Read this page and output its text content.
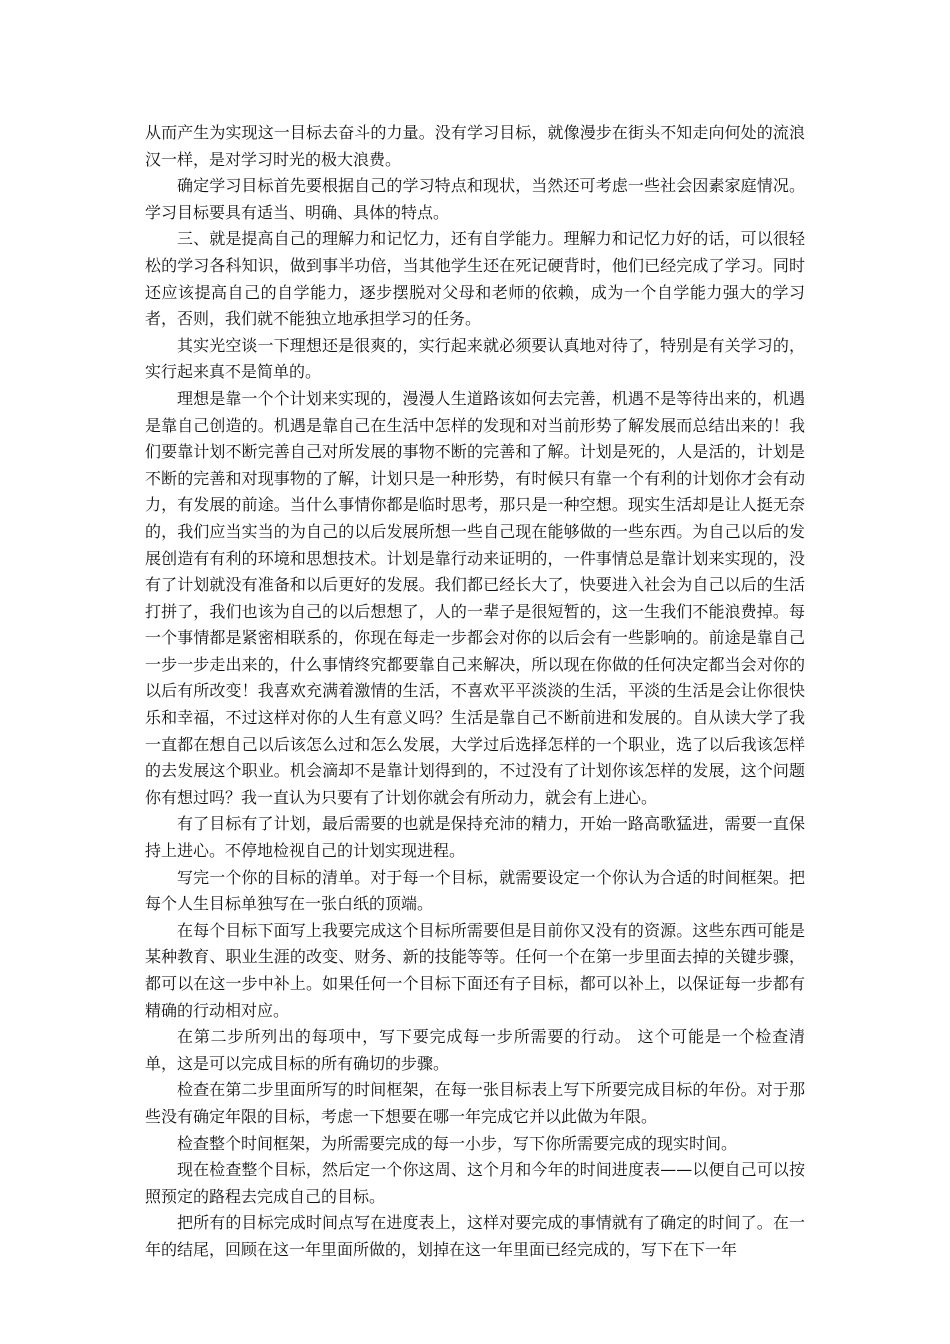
从而产生为实现这一目标去奋斗的力量。没有学习目标，就像漫步在街头不知走向何处的流浪汉一样，是对学习时光的极大浪费。

确定学习目标首先要根据自己的学习特点和现状，当然还可考虑一些社会因素家庭情况。学习目标要具有适当、明确、具体的特点。

三、就是提高自己的理解力和记忆力，还有自学能力。理解力和记忆力好的话，可以很轻松的学习各科知识，做到事半功倍，当其他学生还在死记硬背时，他们已经完成了学习。同时还应该提高自己的自学能力，逐步摆脱对父母和老师的依赖，成为一个自学能力强大的学习者，否则，我们就不能独立地承担学习的任务。

其实光空谈一下理想还是很爽的，实行起来就必须要认真地对待了，特别是有关学习的，实行起来真不是简单的。

理想是靠一个个计划来实现的，漫漫人生道路该如何去完善，机遇不是等待出来的，机遇是靠自己创造的。机遇是靠自己在生活中怎样的发现和对当前形势了解发展而总结出来的！我们要靠计划不断完善自己对所发展的事物不断的完善和了解。计划是死的，人是活的，计划是不断的完善和对现事物的了解，计划只是一种形势，有时候只有靠一个有利的计划你才会有动力，有发展的前途。当什么事情你都是临时思考，那只是一种空想。现实生活却是让人挺无奈的，我们应当实当的为自己的以后发展所想一些自己现在能够做的一些东西。为自己以后的发展创造有有利的环境和思想技术。计划是靠行动来证明的，一件事情总是靠计划来实现的，没有了计划就没有准备和以后更好的发展。我们都已经长大了，快要进入社会为自己以后的生活打拼了，我们也该为自己的以后想想了，人的一辈子是很短暂的，这一生我们不能浪费掉。每一个事情都是紧密相联系的，你现在每走一步都会对你的以后会有一些影响的。前途是靠自己一步一步走出来的，什么事情终究都要靠自己来解决，所以现在你做的任何决定都当会对你的以后有所改变！我喜欢充满着激情的生活，不喜欢平平淡淡的生活，平淡的生活是会让你很快乐和幸福，不过这样对你的人生有意义吗？生活是靠自己不断前进和发展的。自从读大学了我一直都在想自己以后该怎么过和怎么发展，大学过后选择怎样的一个职业，选了以后我该怎样的去发展这个职业。机会滴却不是靠计划得到的，不过没有了计划你该怎样的发展，这个问题你有想过吗？我一直认为只要有了计划你就会有所动力，就会有上进心。

有了目标有了计划，最后需要的也就是保持充沛的精力，开始一路高歌猛进，需要一直保持上进心。不停地检视自己的计划实现进程。

写完一个你的目标的清单。对于每一个目标，就需要设定一个你认为合适的时间框架。把每个人生目标单独写在一张白纸的顶端。

在每个目标下面写上我要完成这个目标所需要但是目前你又没有的资源。这些东西可能是某种教育、职业生涯的改变、财务、新的技能等等。任何一个在第一步里面去掉的关键步骤，都可以在这一步中补上。如果任何一个目标下面还有子目标，都可以补上，以保证每一步都有精确的行动相对应。

在第二步所列出的每项中，写下要完成每一步所需要的行动。 这个可能是一个检查清单，这是可以完成目标的所有确切的步骤。

检查在第二步里面所写的时间框架，在每一张目标表上写下所要完成目标的年份。对于那些没有确定年限的目标，考虑一下想要在哪一年完成它并以此做为年限。

检查整个时间框架，为所需要完成的每一小步，写下你所需要完成的现实时间。

现在检查整个目标，然后定一个你这周、这个月和今年的时间进度表——以便自己可以按照预定的路程去完成自己的目标。

把所有的目标完成时间点写在进度表上，这样对要完成的事情就有了确定的时间了。在一年的结尾，回顾在这一年里面所做的，划掉在这一年里面已经完成的，写下在下一年
